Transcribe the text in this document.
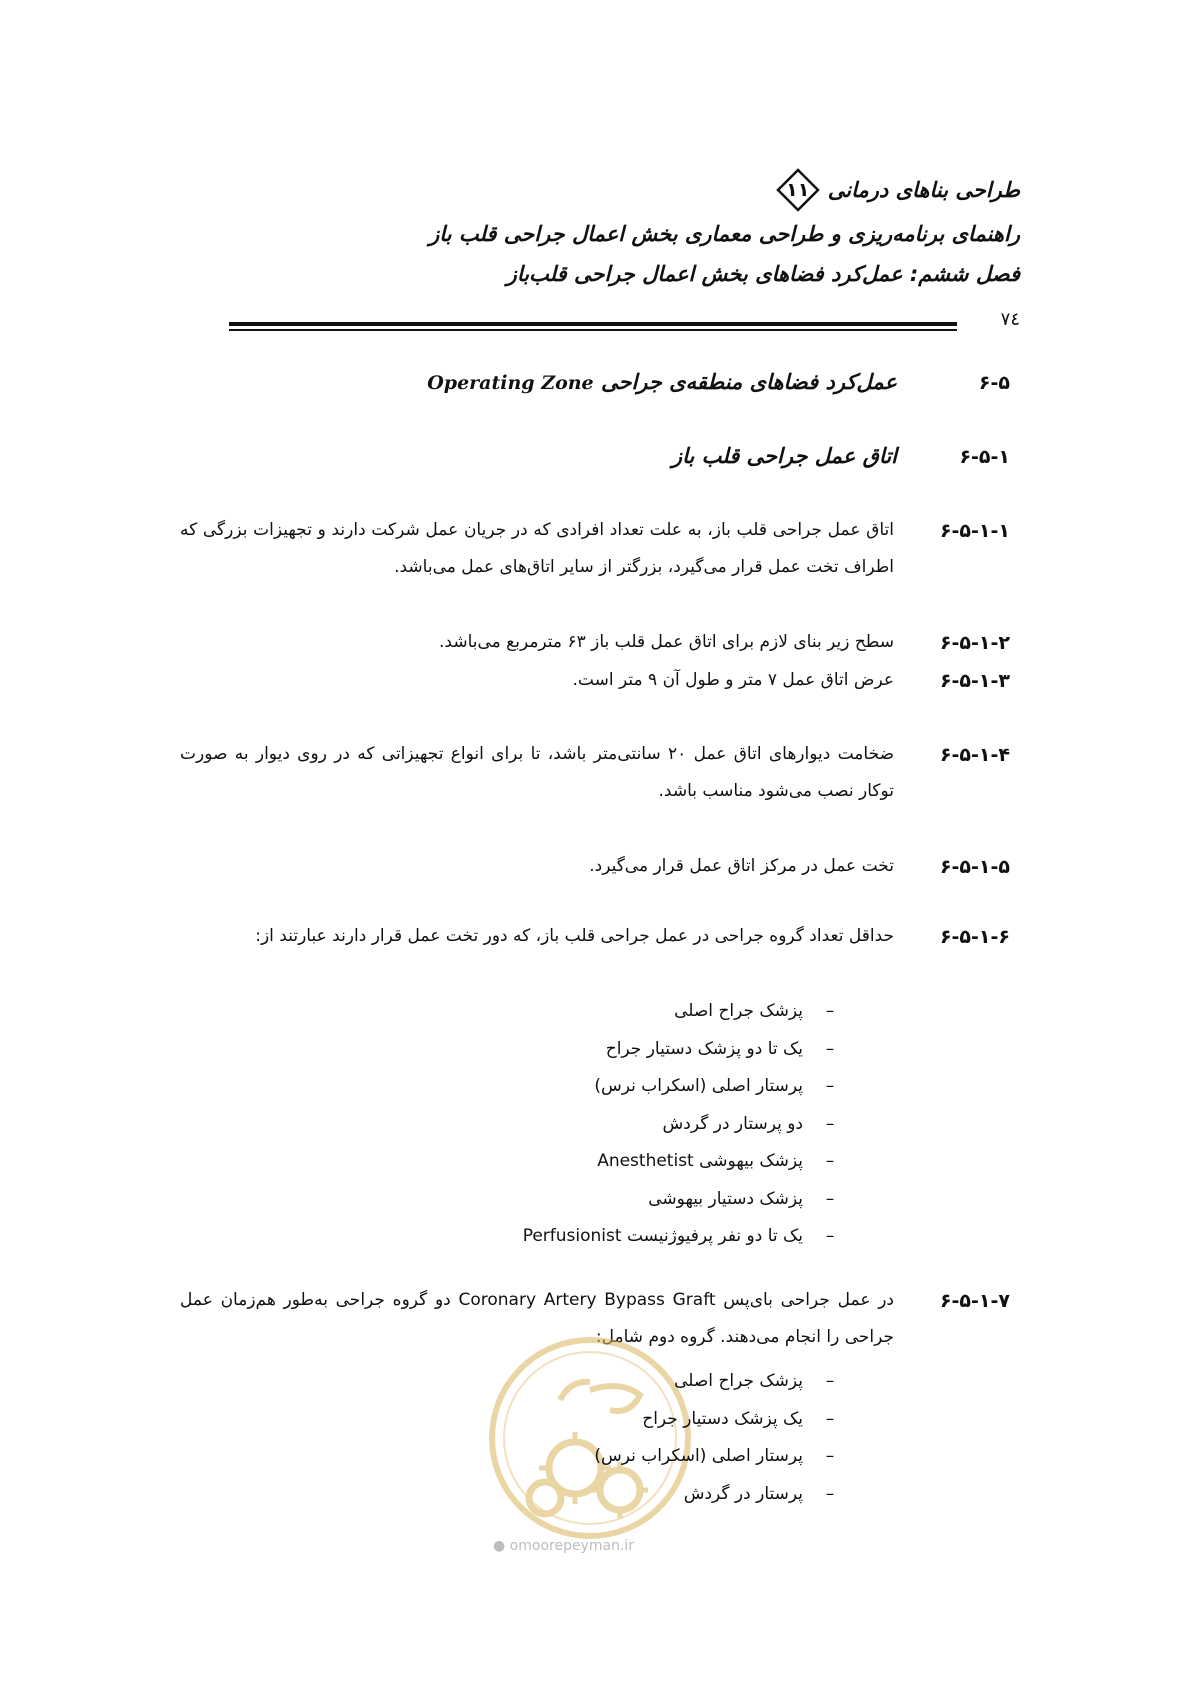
طراحی بناهای درمانی
۱۱
راهنمای برنامه‌ریزی و طراحی معماری بخش اعمال جراحی قلب باز
فصل ششم: عمل‌کرد فضاهای بخش اعمال جراحی قلب‌باز
٧٤
۶-۵
عمل‌کرد فضاهای منطقه‌ی جراحی Operating Zone
۶-۵-۱
اتاق عمل جراحی قلب باز
۶-۵-۱-۱
اتاق عمل جراحی قلب باز، به علت تعداد افرادی که در جریان عمل شرکت دارند و تجهیزات بزرگی که اطراف تخت عمل قرار می‌گیرد، بزرگتر از سایر اتاق‌های عمل می‌باشد.
۶-۵-۱-۲
سطح زیر بنای لازم برای اتاق عمل قلب باز ۶۳ مترمربع می‌باشد.
۶-۵-۱-۳
عرض اتاق عمل ۷ متر و طول آن ۹ متر است.
۶-۵-۱-۴
ضخامت دیوارهای اتاق عمل ۲۰ سانتی‌متر باشد، تا برای انواع تجهیزاتی که در روی دیوار به صورت توکار نصب می‌شود مناسب باشد.
۶-۵-۱-۵
تخت عمل در مرکز اتاق عمل قرار می‌گیرد.
۶-۵-۱-۶
حداقل تعداد گروه جراحی در عمل جراحی قلب باز، که دور تخت عمل قرار دارند عبارتند از:
–
پزشک جراح اصلی
–
یک تا دو پزشک دستیار جراح
–
پرستار اصلی (اسکراب نرس)
–
دو پرستار در گردش
–
پزشک بیهوشی Anesthetist
–
پزشک دستیار بیهوشی
–
یک تا دو نفر پرفیوژنیست Perfusionist
۶-۵-۱-۷
در عمل جراحی بای‌پس Coronary Artery Bypass Graft دو گروه جراحی به‌طور هم‌زمان عمل جراحی را انجام می‌دهند. گروه دوم شامل:
–
پزشک جراح اصلی
–
یک پزشک دستیار جراح
–
پرستار اصلی (اسکراب نرس)
–
پرستار در گردش
● omoorepeyman.ir
